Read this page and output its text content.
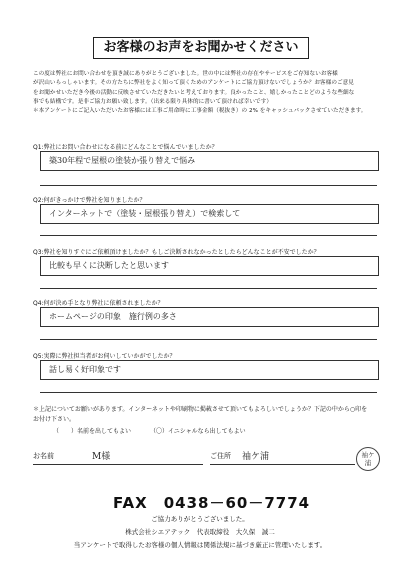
お客様のお声をお聞かせください

この度は弊社にお問い合わせを頂き誠にありがとうございました。世の中には弊社の存在やサービスをご存知ないお客様

が沢山いらっしゃいます。その方たちに弊社をよく知って頂くためのアンケートにご協力頂けないでしょうか？お客様のご意見

をお聞かせいただき今後の活動に反映させていただきたいと考えております。良かったこと、嬉しかったことどのような些細な

事でも結構です。是非ご協力お願い致します。（出来る限り具体的に書いて頂ければ幸いです）

＊本アンケートにご記入いただいたお客様には工事ご用命時に工事金額（税抜き）の 2% をキャッシュバックさせていただきます。

Q1:弊社にお問い合わせになる前にどんなことで悩んでいましたか？
築30年程で屋根の塗装か張り替えで悩み
Q2:何がきっかけで弊社を知りましたか？
インターネットで（塗装・屋根張り替え）で検索して
Q3:弊社を知りすぐにご依頼頂けましたか？もしご決断されなかったとしたらどんなことが不安でしたか？
比較も早くに決断したと思います
Q4:何が決め手となり弊社に依頼されましたか？
ホームページの印象　施行例の多さ
Q5:実際に弊社担当者がお伺いしていかがでしたか？
話し易く好印象です
＊上記についてお願いがあります。インターネットや印刷物に掲載させて頂いてもよろしいでしょうか？下記の中から○印を
お付け下さい。
（　　）名前を出してもよい	（〇）イニシャルなら出してもよい
お名前	M様	ご住所 袖ケ浦	袖ケ
浦
FAX　0438－60－7774
ご協力ありがとうございました。
株式会社シエアテック　代表取締役　大久保　誠二
当アンケートで取得したお客様の個人情報は関係法規に基づき厳正に管理いたします。
